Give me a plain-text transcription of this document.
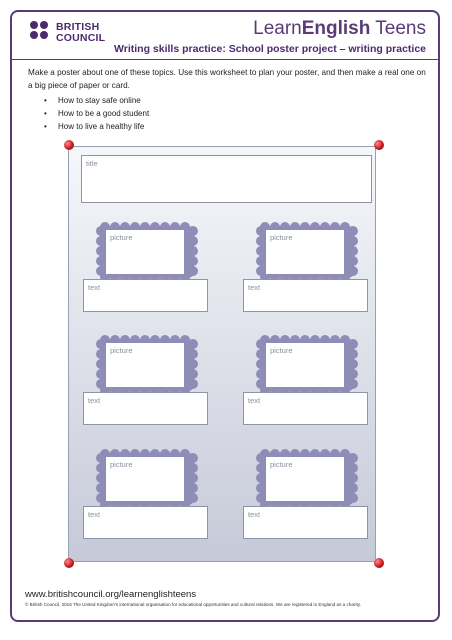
BRITISH
COUNCIL	LearnEnglish Teens
Writing skills practice: School poster project – writing practice
Make a poster about one of these topics. Use this worksheet to plan your poster, and then make a real one on a big piece of paper or card.
• How to stay safe online
• How to be a good student
• How to live a healthy life
title
picture
text
picture
text
picture
text
picture
text
picture
text
picture
text
www.britishcouncil.org/learnenglishteens
© British Council, 2016 The United Kingdom's international organisation for educational opportunities and cultural relations. We are registered in England as a charity.
